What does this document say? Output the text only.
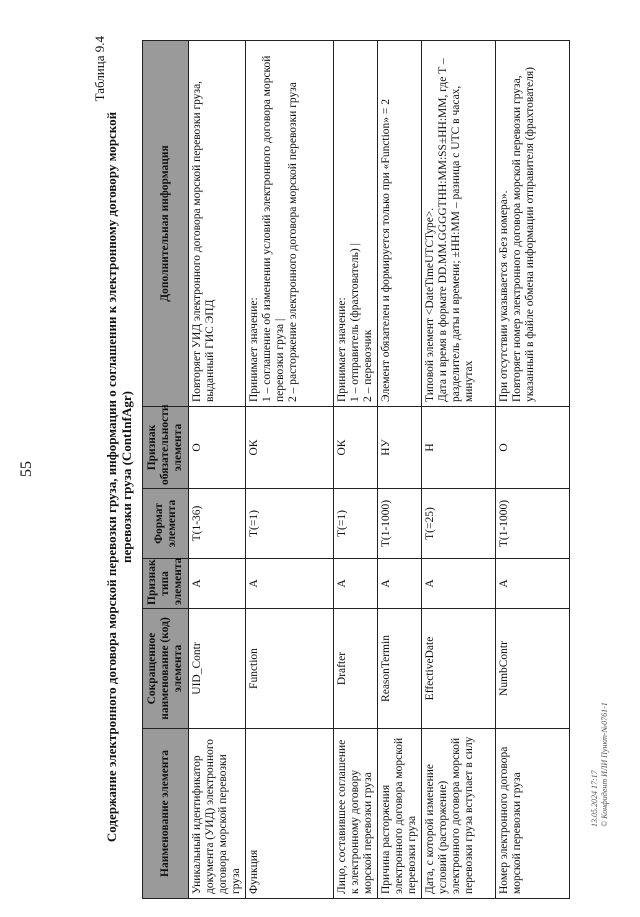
55
Таблица 9.4
Содержание электронного договора морской перевозки груза, информации о соглашении к электронному договору морской перевозки груза (ContInfAgr)
Наименование элемента	Сокращенное наименование (код) элемента	Признак типа элемента	Формат элемента	Признак обязательности элемента	Дополнительная информация
Уникальный идентификатор документа (УИД) электронного договора морской перевозки груза	UID_Contr	А	T(1-36)	О	Повторяет УИД электронного договора морской перевозки груза, выданный ГИС ЭПД
Функция	Function	А	T(=1)	ОК	Принимает значение:
1 – соглашение об изменении условий электронного договора морской перевозки груза |
2 – расторжение электронного договора морской перевозки груза
Лицо, составившее соглашение к электронному договору морской перевозки груза	Drafter	А	T(=1)	ОК	Принимает значение:
1 – отправитель (фрахтователь) |
2 – перевозчик
Причина расторжения электронного договора морской перевозки груза	ReasonTermin	А	T(1-1000)	НУ	Элемент обязателен и формируется только при «Function» = 2
Дата, с которой изменение условий (расторжение) электронного договора морской перевозки груза вступает в силу	EffectiveDate	А	T(=25)	Н	Типовой элемент <DateTimeUTCType>.
Дата и время в формате DD.MM.GGGGTHH:MM:SS±HH:MM, где T – разделитель даты и времени; ±HH:MM – разница с UTC в часах, минутах
Номер электронного договора морской перевозки груза	NumbContr	А	T(1-1000)	О	При отсутствии указывается «Без номера».
Повторяет номер электронного договора морской перевозки груза, указанный в файле обмена информации отправителя (фрахтователя)
13.05.2024 17:17 © Конфидент ИЛИ Пункт-№0761-1
